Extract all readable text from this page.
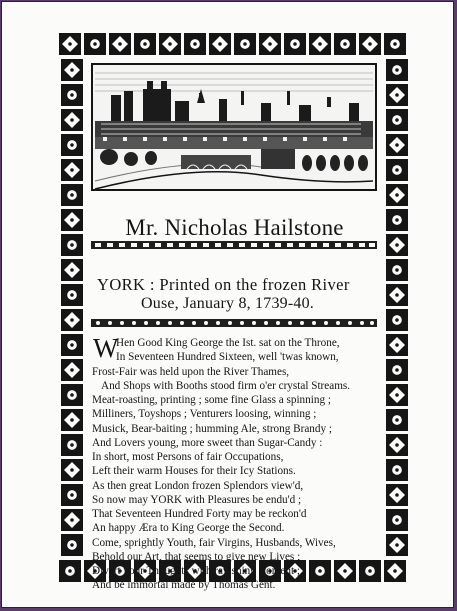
Mr. Nicholas Hailstone
YORK : Printed on the frozen River
Ouse, January 8, 1739-40.
W
Hen Good King George the Ist. sat on the Throne,
In Seventeen Hundred Sixteen, well 'twas known,
Frost-Fair was held upon the River Thames,
And Shops with Booths stood firm o'er crystal Streams.
Meat-roasting, printing ; some fine Glass a spinning ;
Milliners, Toyshops ; Venturers loosing, winning ;
Musick, Bear-baiting ; humming Ale, strong Brandy ;
And Lovers young, more sweet than Sugar-Candy :
In short, most Persons of fair Occupations,
Left their warm Houses for their Icy Stations.
As then great London frozen Splendors view'd,
So now may YORK with Pleasures be endu'd ;
That Seventeen Hundred Forty may be reckon'd
An happy Æra to King George the Second.
Come, sprightly Youth, fair Virgins, Husbands, Wives,
Behold our Art, that seems to give new Lives ;
Divert your Thoughts with ravishing Content ;
And be immortal made by Thomas Gent.
